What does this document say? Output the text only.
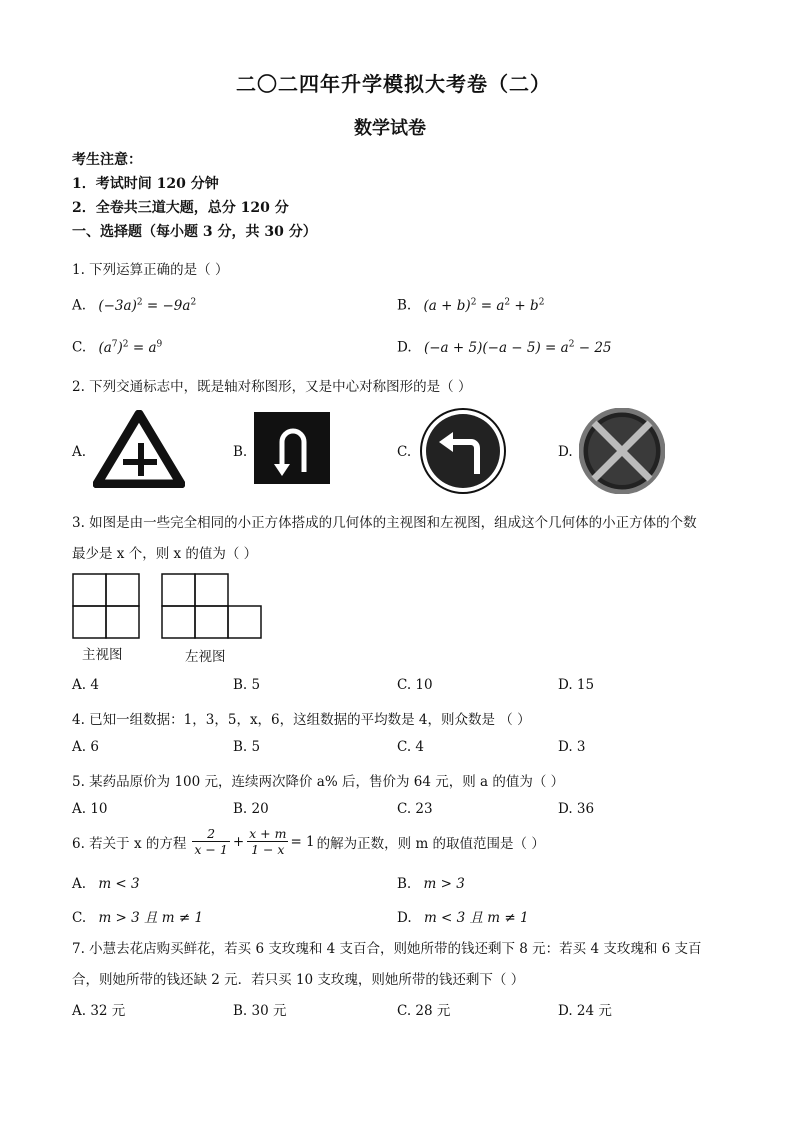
二〇二四年升学模拟大考卷（二）
数学试卷
考生注意：
1．考试时间 120 分钟
2．全卷共三道大题，总分 120 分
一、选择题（每小题 3 分，共 30 分）
1. 下列运算正确的是（ ）
A. $(-3a)^2 = -9a^2$	B. $(a + b)^2 = a^2 + b^2$
C. $(a^7)^2 = a^9$	D. $(-a + 5)(-a - 5) = a^2 - 25$
2. 下列交通标志中，既是轴对称图形，又是中心对称图形的是（ ）
A.	B.	C.	D.
3. 如图是由一些完全相同的小正方体搭成的几何体的主视图和左视图，组成这个几何体的小正方体的个数
最少是 x 个，则 x 的值为（ ）
主视图	左视图
A. 4	B. 5	C. 10	D. 15
4. 已知一组数据：1，3，5，x，6，这组数据的平均数是 4，则众数是 （ ）
A. 6	B. 5	C. 4	D. 3
5. 某药品原价为 100 元，连续两次降价 a% 后，售价为 64 元，则 a 的值为（ ）
A. 10	B. 20	C. 23	D. 36
6. 若关于 x 的方程 $\frac{2}{x - 1} + \frac{x + m}{1 - x} = 1$ 的解为正数，则 m 的取值范围是（ ）
A. m < 3	B. m > 3
C. m > 3 且 m ≠ 1	D. m < 3 且 m ≠ 1
7. 小慧去花店购买鲜花，若买 6 支玫瑰和 4 支百合，则她所带的钱还剩下 8 元：若买 4 支玫瑰和 6 支百
合，则她所带的钱还缺 2 元．若只买 10 支玫瑰，则她所带的钱还剩下（ ）
A. 32 元	B. 30 元	C. 28 元	D. 24 元
